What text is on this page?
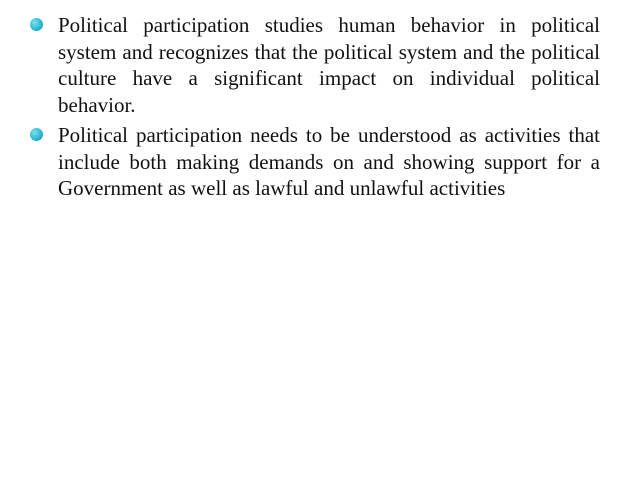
Political participation studies human behavior in political system and recognizes that the political system and the political culture have a significant impact on individual political behavior.
Political participation needs to be understood as activities that include both making demands on and showing support for a Government as well as lawful and unlawful activities
